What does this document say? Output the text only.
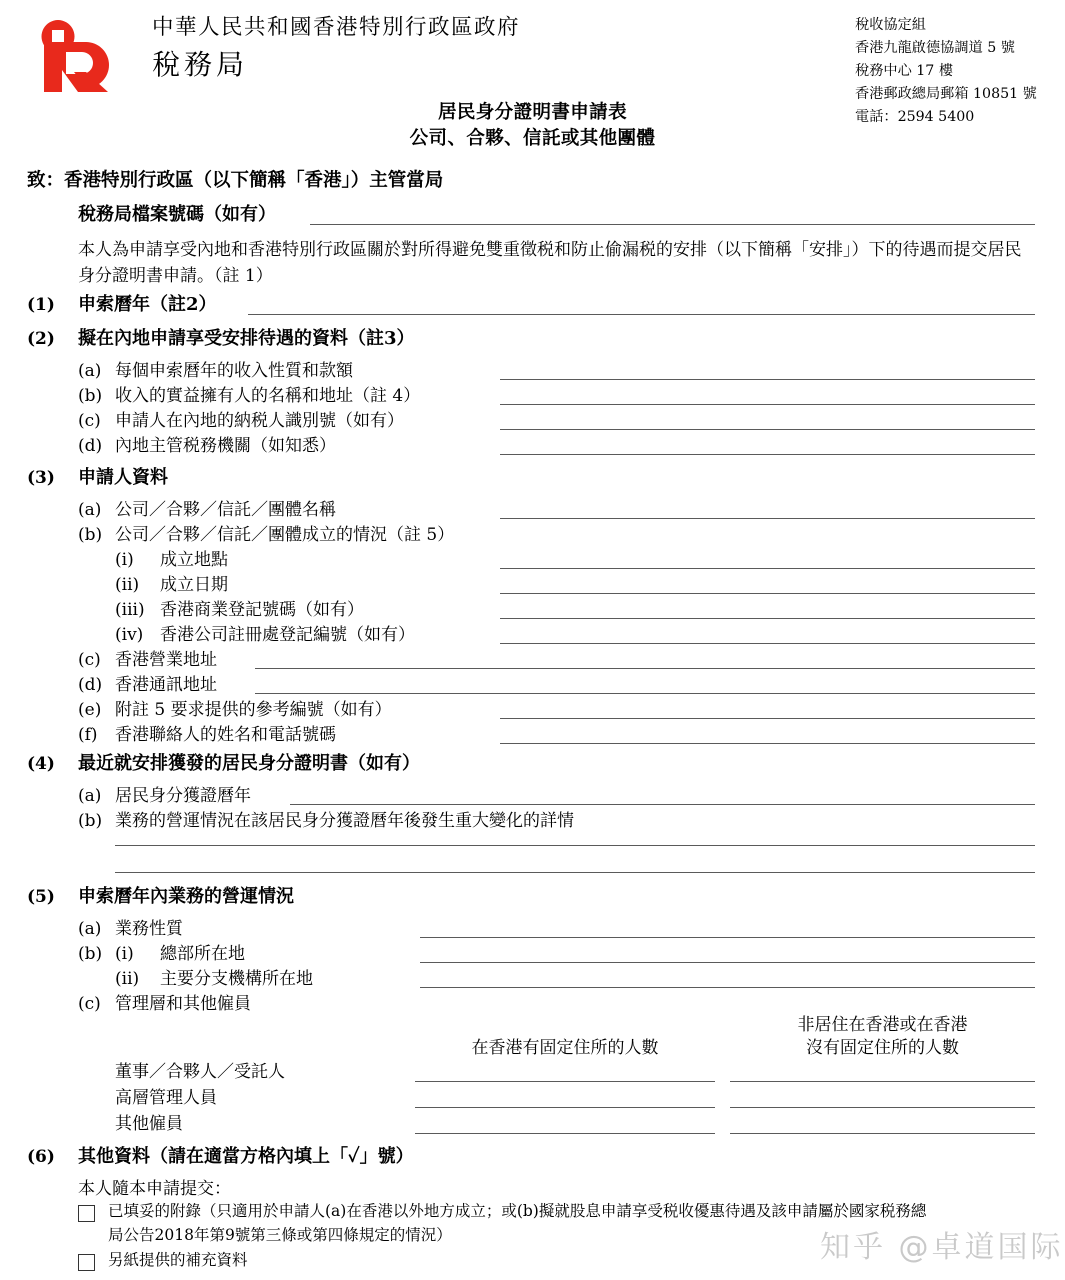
中華人民共和國香港特別行政區政府
稅務局
稅收協定組
香港九龍啟德協調道 5 號
稅務中心 17 樓
香港郵政總局郵箱 10851 號
電話：2594 5400
居民身分證明書申請表
公司、合夥、信託或其他團體
致：香港特別行政區（以下簡稱「香港」）主管當局
稅務局檔案號碼（如有）
本人為申請享受內地和香港特別行政區關於對所得避免雙重徵税和防止偷漏税的安排（以下簡稱「安排」）下的待遇而提交居民身分證明書申請。（註 1）
(1) 申索曆年（註2）
(2) 擬在內地申請享受安排待遇的資料（註3）
(a) 每個申索曆年的收入性質和款額
(b) 收入的實益擁有人的名稱和地址（註 4）
(c) 申請人在內地的納税人識別號（如有）
(d) 內地主管税務機關（如知悉）
(3) 申請人資料
(a) 公司／合夥／信託／團體名稱
(b) 公司／合夥／信託／團體成立的情況（註 5）
(i) 成立地點
(ii) 成立日期
(iii) 香港商業登記號碼（如有）
(iv) 香港公司註冊處登記編號（如有）
(c) 香港營業地址
(d) 香港通訊地址
(e) 附註 5 要求提供的參考編號（如有）
(f) 香港聯絡人的姓名和電話號碼
(4) 最近就安排獲發的居民身分證明書（如有）
(a) 居民身分獲證曆年
(b) 業務的營運情況在該居民身分獲證曆年後發生重大變化的詳情
(5) 申索曆年內業務的營運情況
(a) 業務性質
(b) (i) 總部所在地
(ii) 主要分支機構所在地
(c) 管理層和其他僱員
非居住在香港或在香港
在香港有固定住所的人數	沒有固定住所的人數
董事／合夥人／受託人
高層管理人員
其他僱員
(6) 其他資料（請在適當方格內填上「✓」號）
本人隨本申請提交：
已填妥的附錄（只適用於申請人(a)在香港以外地方成立；或(b)擬就股息申請享受税收優惠待遇及該申請屬於國家税務總
局公告2018年第9號第三條或第四條規定的情況）
另紙提供的補充資料	知乎 @卓道国际
